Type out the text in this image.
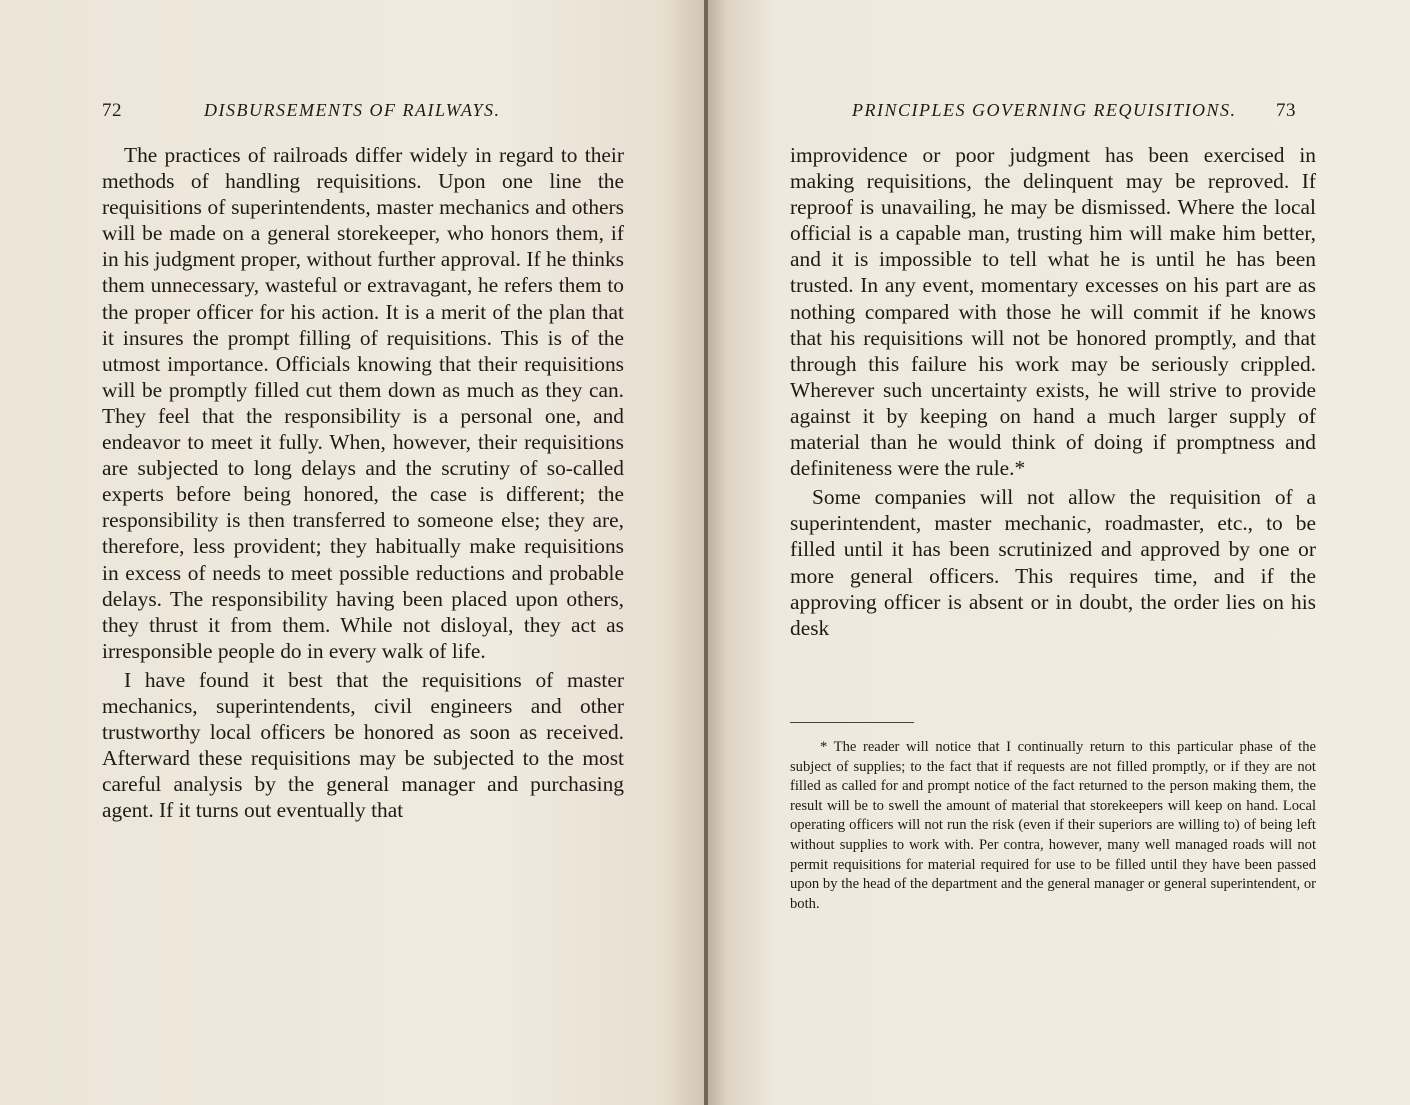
72	DISBURSEMENTS OF RAILWAYS.

The practices of railroads differ widely in regard to their methods of handling requisitions. Upon one line the requisitions of superintendents, master mechanics and others will be made on a general storekeeper, who honors them, if in his judgment proper, without further approval. If he thinks them unnecessary, wasteful or extravagant, he refers them to the proper officer for his action. It is a merit of the plan that it insures the prompt filling of requisitions. This is of the utmost importance. Officials knowing that their requisitions will be promptly filled cut them down as much as they can. They feel that the responsibility is a personal one, and endeavor to meet it fully. When, however, their requisitions are subjected to long delays and the scrutiny of so-called experts before being honored, the case is different; the responsibility is then transferred to someone else; they are, therefore, less provident; they habitually make requisitions in excess of needs to meet possible reductions and probable delays. The responsibility having been placed upon others, they thrust it from them. While not disloyal, they act as irresponsible people do in every walk of life.

I have found it best that the requisitions of master mechanics, superintendents, civil engineers and other trustworthy local officers be honored as soon as received. Afterward these requisitions may be subjected to the most careful analysis by the general manager and purchasing agent. If it turns out eventually that

PRINCIPLES GOVERNING REQUISITIONS. 73

improvidence or poor judgment has been exercised in making requisitions, the delinquent may be reproved. If reproof is unavailing, he may be dismissed. Where the local official is a capable man, trusting him will make him better, and it is impossible to tell what he is until he has been trusted. In any event, momentary excesses on his part are as nothing compared with those he will commit if he knows that his requisitions will not be honored promptly, and that through this failure his work may be seriously crippled. Wherever such uncertainty exists, he will strive to provide against it by keeping on hand a much larger supply of material than he would think of doing if promptness and definiteness were the rule.*

Some companies will not allow the requisition of a superintendent, master mechanic, roadmaster, etc., to be filled until it has been scrutinized and approved by one or more general officers. This requires time, and if the approving officer is absent or in doubt, the order lies on his desk

* The reader will notice that I continually return to this particular phase of the subject of supplies; to the fact that if requests are not filled promptly, or if they are not filled as called for and prompt notice of the fact returned to the person making them, the result will be to swell the amount of material that storekeepers will keep on hand. Local operating officers will not run the risk (even if their superiors are willing to) of being left without supplies to work with. Per contra, however, many well managed roads will not permit requisitions for material required for use to be filled until they have been passed upon by the head of the department and the general manager or general superintendent, or both.
